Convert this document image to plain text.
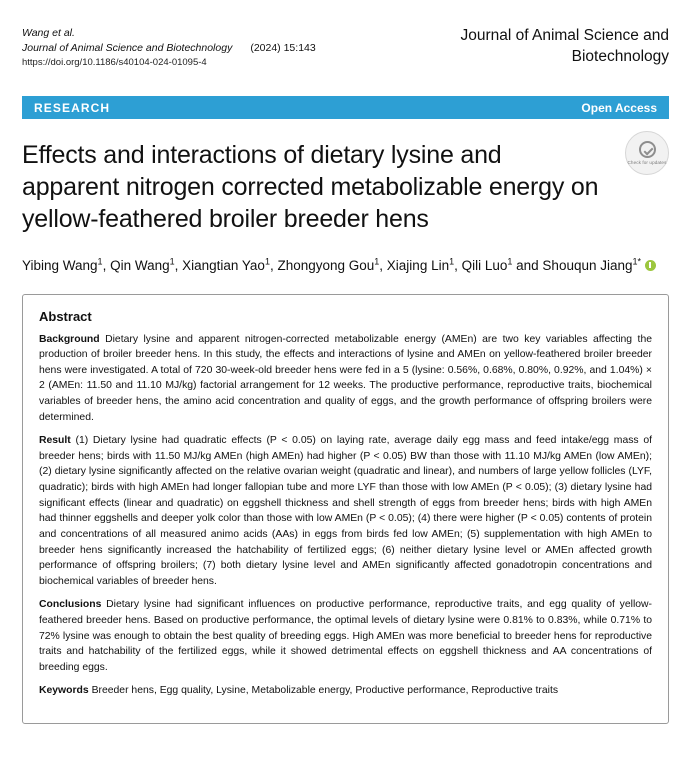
Wang et al.
Journal of Animal Science and Biotechnology (2024) 15:143
https://doi.org/10.1186/s40104-024-01095-4
Journal of Animal Science and Biotechnology
RESEARCH	Open Access
Effects and interactions of dietary lysine and apparent nitrogen corrected metabolizable energy on yellow-feathered broiler breeder hens
Check for updates
Yibing Wang$^1$, Qin Wang$^1$, Xiangtian Yao$^1$, Zhongyong Gou$^1$, Xiajing Lin$^1$, Qili Luo$^1$ and Shouqun Jiang$^{1*}$
Abstract

Background Dietary lysine and apparent nitrogen-corrected metabolizable energy (AMEn) are two key variables affecting the production of broiler breeder hens. In this study, the effects and interactions of lysine and AMEn on yellow-feathered broiler breeder hens were investigated. A total of 720 30-week-old breeder hens were fed in a 5 (lysine: 0.56%, 0.68%, 0.80%, 0.92%, and 1.04%) × 2 (AMEn: 11.50 and 11.10 MJ/kg) factorial arrangement for 12 weeks. The productive performance, reproductive traits, biochemical variables of breeder hens, the amino acid concentration and quality of eggs, and the growth performance of offspring broilers were determined.

Result (1) Dietary lysine had quadratic effects (P < 0.05) on laying rate, average daily egg mass and feed intake/egg mass of breeder hens; birds with 11.50 MJ/kg AMEn (high AMEn) had higher (P < 0.05) BW than those with 11.10 MJ/kg AMEn (low AMEn); (2) dietary lysine significantly affected on the relative ovarian weight (quadratic and linear), and numbers of large yellow follicles (LYF, quadratic); birds with high AMEn had longer fallopian tube and more LYF than those with low AMEn (P < 0.05); (3) dietary lysine had significant effects (linear and quadratic) on eggshell thickness and shell strength of eggs from breeder hens; birds with high AMEn had thinner eggshells and deeper yolk color than those with low AMEn (P < 0.05); (4) there were higher (P < 0.05) contents of protein and concentrations of all measured animo acids (AAs) in eggs from birds fed low AMEn; (5) supplementation with high AMEn to breeder hens significantly increased the hatchability of fertilized eggs; (6) neither dietary lysine level or AMEn affected growth performance of offspring broilers; (7) both dietary lysine level and AMEn significantly affected gonadotropin concentrations and biochemical variables of breeder hens.

Conclusions Dietary lysine had significant influences on productive performance, reproductive traits, and egg quality of yellow-feathered breeder hens. Based on productive performance, the optimal levels of dietary lysine were 0.81% to 0.83%, while 0.71% to 72% lysine was enough to obtain the best quality of breeding eggs. High AMEn was more beneficial to breeder hens for reproductive traits and hatchability of the fertilized eggs, while it showed detrimental effects on eggshell thickness and AA concentrations of breeding eggs.

Keywords Breeder hens, Egg quality, Lysine, Metabolizable energy, Productive performance, Reproductive traits
